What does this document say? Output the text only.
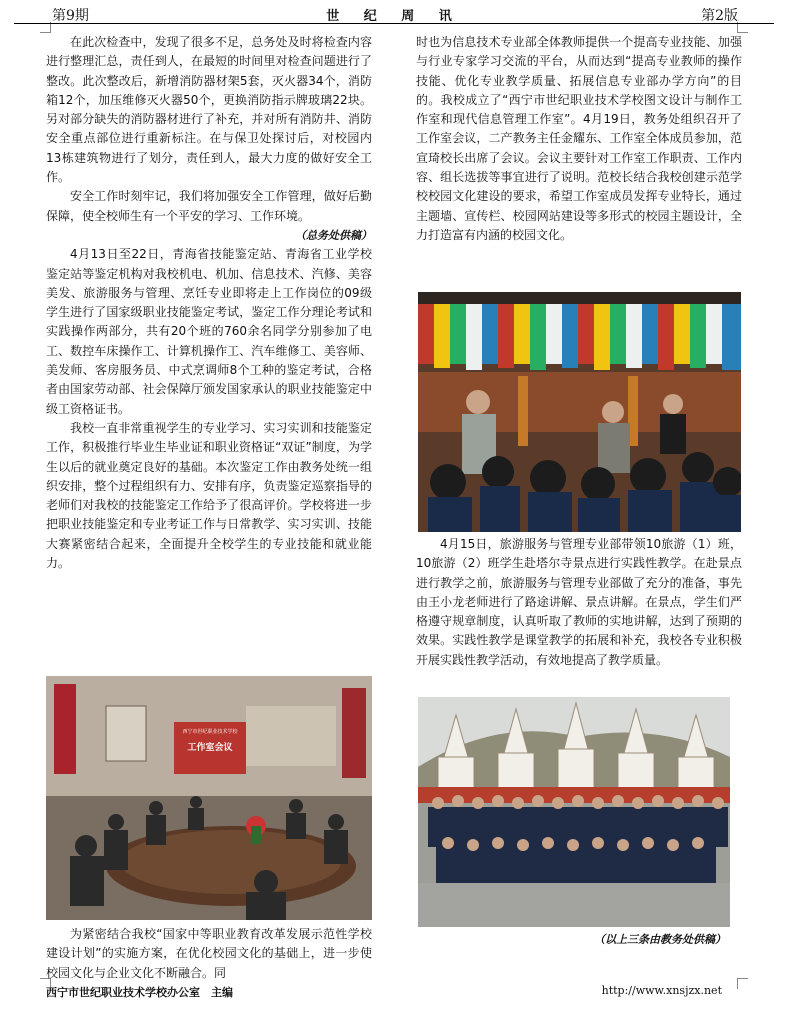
第9期	世 纪 周 讯	第2版

在此次检查中，发现了很多不足，总务处及时将检查内容进行整理汇总，责任到人，在最短的时间里对检查问题进行了整改。此次整改后，新增消防器材架5套，灭火器34个，消防箱12个，加压维修灭火器50个，更换消防指示牌玻璃22块。另对部分缺失的消防器材进行了补充，并对所有消防井、消防安全重点部位进行重新标注。在与保卫处探讨后，对校园内13栋建筑物进行了划分，责任到人，最大力度的做好安全工作。

安全工作时刻牢记，我们将加强安全工作管理，做好后勤保障，使全校师生有一个平安的学习、工作环境。

（总务处供稿）

4月13日至22日，青海省技能鉴定站、青海省工业学校鉴定站等鉴定机构对我校机电、机加、信息技术、汽修、美容美发、旅游服务与管理、烹饪专业即将走上工作岗位的09级学生进行了国家级职业技能鉴定考试，鉴定工作分理论考试和实践操作两部分，共有20个班的760余名同学分别参加了电工、数控车床操作工、计算机操作工、汽车维修工、美容师、美发师、客房服务员、中式烹调师8个工种的鉴定考试，合格者由国家劳动部、社会保障厅颁发国家承认的职业技能鉴定中级工资格证书。

我校一直非常重视学生的专业学习、实习实训和技能鉴定工作，积极推行毕业生毕业证和职业资格证“双证”制度，为学生以后的就业奠定良好的基础。本次鉴定工作由教务处统一组织安排，整个过程组织有力、安排有序，负责鉴定巡察指导的老师们对我校的技能鉴定工作给予了很高评价。学校将进一步把职业技能鉴定和专业考证工作与日常教学、实习实训、技能大赛紧密结合起来，全面提升全校学生的专业技能和就业能力。

西宁市世纪职业技术学校
工作室会议

为紧密结合我校“国家中等职业教育改革发展示范性学校建设计划”的实施方案，在优化校园文化的基础上，进一步使校园文化与企业文化不断融合。同

时也为信息技术专业部全体教师提供一个提高专业技能、加强与行业专家学习交流的平台，从而达到“提高专业教师的操作技能、优化专业教学质量、拓展信息专业部办学方向”的目的。我校成立了“西宁市世纪职业技术学校图文设计与制作工作室和现代信息管理工作室”。4月19日，教务处组织召开了工作室会议，二产教务主任金耀东、工作室全体成员参加，范宣琦校长出席了会议。会议主要针对工作室工作职责、工作内容、组长选拔等事宜进行了说明。范校长结合我校创建示范学校校园文化建设的要求，希望工作室成员发挥专业特长，通过主题墙、宣传栏、校园网站建设等多形式的校园主题设计，全力打造富有内涵的校园文化。

4月15日，旅游服务与管理专业部带领10旅游（1）班，10旅游（2）班学生赴塔尔寺景点进行实践性教学。在赴景点进行教学之前，旅游服务与管理专业部做了充分的准备，事先由王小龙老师进行了路途讲解、景点讲解。在景点，学生们严格遵守规章制度，认真听取了教师的实地讲解，达到了预期的效果。实践性教学是课堂教学的拓展和补充，我校各专业积极开展实践性教学活动，有效地提高了教学质量。

（以上三条由教务处供稿）

西宁市世纪职业技术学校办公室　主编	http://www.xnsjzx.net
